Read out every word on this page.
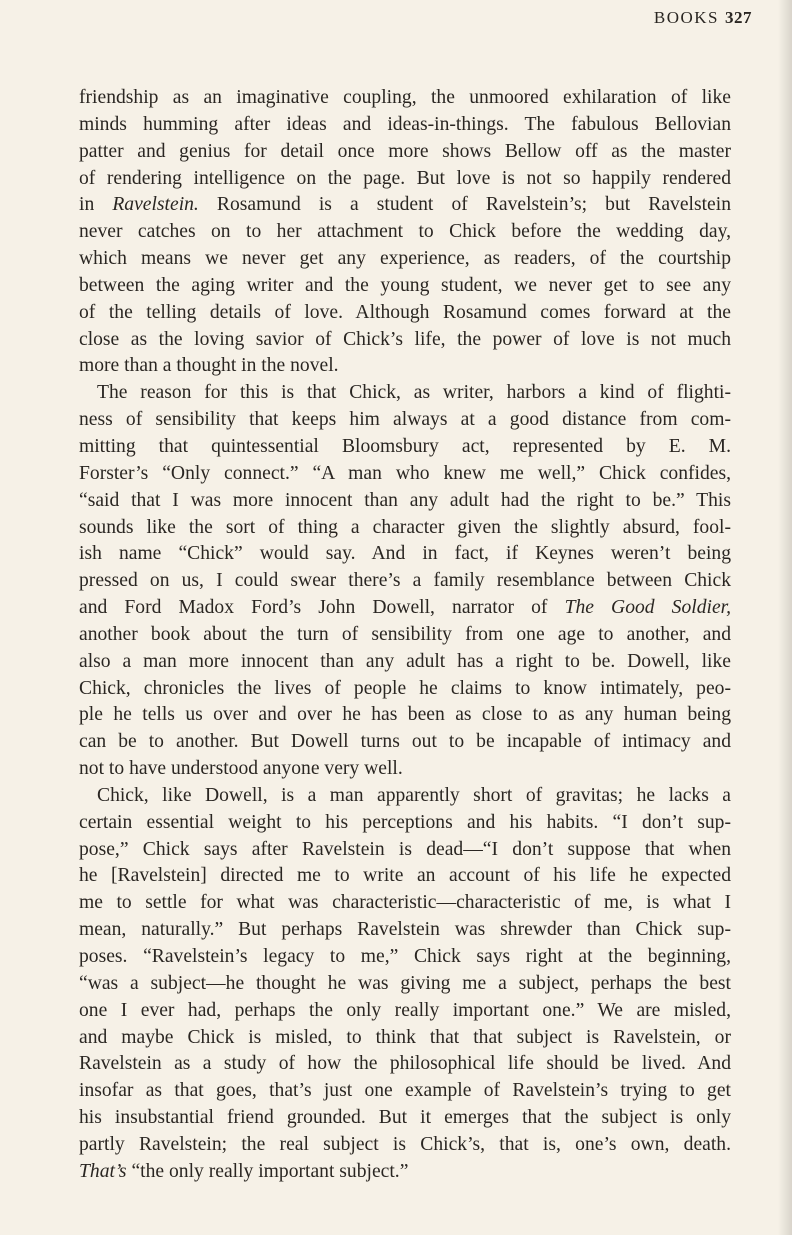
BOOKS 327
friendship as an imaginative coupling, the unmoored exhilaration of like
minds humming after ideas and ideas-in-things. The fabulous Bellovian
patter and genius for detail once more shows Bellow off as the master
of rendering intelligence on the page. But love is not so happily rendered
in Ravelstein. Rosamund is a student of Ravelstein’s; but Ravelstein
never catches on to her attachment to Chick before the wedding day,
which means we never get any experience, as readers, of the courtship
between the aging writer and the young student, we never get to see any
of the telling details of love. Although Rosamund comes forward at the
close as the loving savior of Chick’s life, the power of love is not much
more than a thought in the novel.
The reason for this is that Chick, as writer, harbors a kind of flighti-
ness of sensibility that keeps him always at a good distance from com-
mitting that quintessential Bloomsbury act, represented by E. M.
Forster’s “Only connect.” “A man who knew me well,” Chick confides,
“said that I was more innocent than any adult had the right to be.” This
sounds like the sort of thing a character given the slightly absurd, fool-
ish name “Chick” would say. And in fact, if Keynes weren’t being
pressed on us, I could swear there’s a family resemblance between Chick
and Ford Madox Ford’s John Dowell, narrator of The Good Soldier,
another book about the turn of sensibility from one age to another, and
also a man more innocent than any adult has a right to be. Dowell, like
Chick, chronicles the lives of people he claims to know intimately, peo-
ple he tells us over and over he has been as close to as any human being
can be to another. But Dowell turns out to be incapable of intimacy and
not to have understood anyone very well.
Chick, like Dowell, is a man apparently short of gravitas; he lacks a
certain essential weight to his perceptions and his habits. “I don’t sup-
pose,” Chick says after Ravelstein is dead—“I don’t suppose that when
he [Ravelstein] directed me to write an account of his life he expected
me to settle for what was characteristic—characteristic of me, is what I
mean, naturally.” But perhaps Ravelstein was shrewder than Chick sup-
poses. “Ravelstein’s legacy to me,” Chick says right at the beginning,
“was a subject—he thought he was giving me a subject, perhaps the best
one I ever had, perhaps the only really important one.” We are misled,
and maybe Chick is misled, to think that that subject is Ravelstein, or
Ravelstein as a study of how the philosophical life should be lived. And
insofar as that goes, that’s just one example of Ravelstein’s trying to get
his insubstantial friend grounded. But it emerges that the subject is only
partly Ravelstein; the real subject is Chick’s, that is, one’s own, death.
That’s “the only really important subject.”
